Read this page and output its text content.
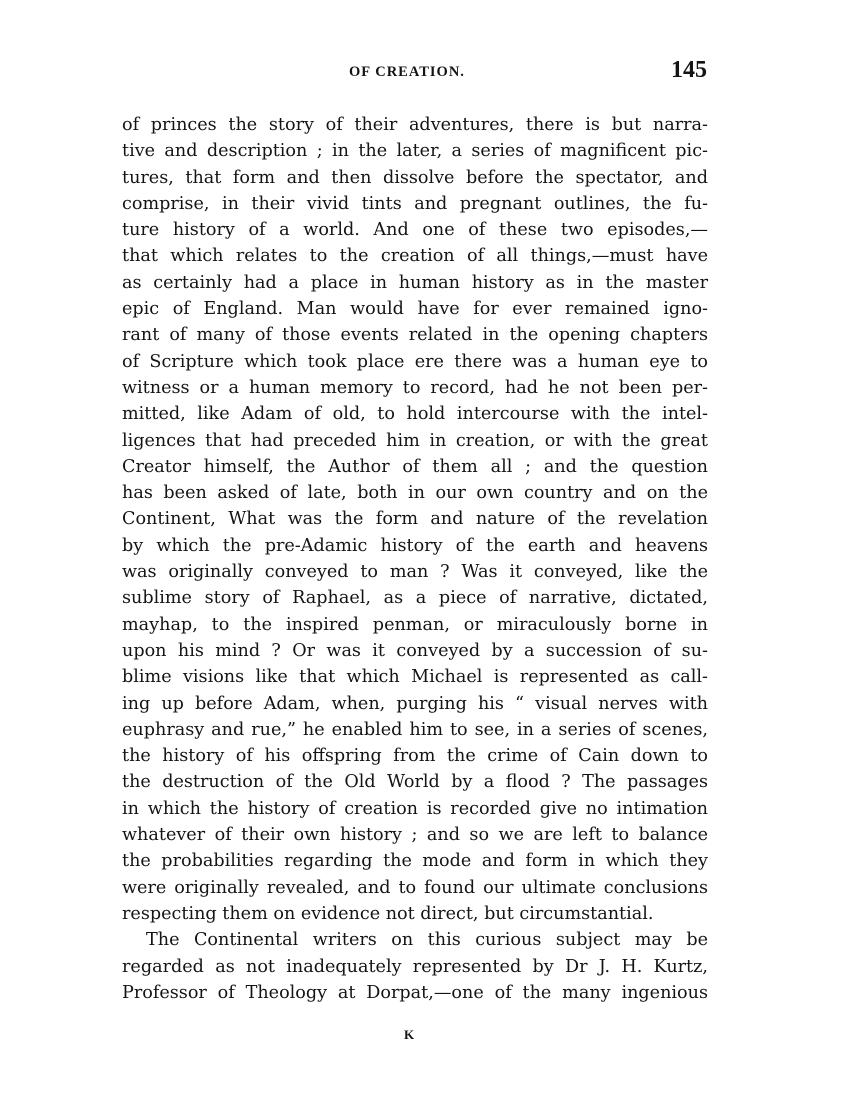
OF CREATION.	145
of princes the story of their adventures, there is but narra-
tive and description ; in the later, a series of magnificent pic-
tures, that form and then dissolve before the spectator, and
comprise, in their vivid tints and pregnant outlines, the fu-
ture history of a world. And one of these two episodes,—
that which relates to the creation of all things,—must have
as certainly had a place in human history as in the master
epic of England. Man would have for ever remained igno-
rant of many of those events related in the opening chapters
of Scripture which took place ere there was a human eye to
witness or a human memory to record, had he not been per-
mitted, like Adam of old, to hold intercourse with the intel-
ligences that had preceded him in creation, or with the great
Creator himself, the Author of them all ; and the question
has been asked of late, both in our own country and on the
Continent, What was the form and nature of the revelation
by which the pre-Adamic history of the earth and heavens
was originally conveyed to man ? Was it conveyed, like the
sublime story of Raphael, as a piece of narrative, dictated,
mayhap, to the inspired penman, or miraculously borne in
upon his mind ? Or was it conveyed by a succession of su-
blime visions like that which Michael is represented as call-
ing up before Adam, when, purging his “ visual nerves with
euphrasy and rue,” he enabled him to see, in a series of scenes,
the history of his offspring from the crime of Cain down to
the destruction of the Old World by a flood ? The passages
in which the history of creation is recorded give no intimation
whatever of their own history ; and so we are left to balance
the probabilities regarding the mode and form in which they
were originally revealed, and to found our ultimate conclusions
respecting them on evidence not direct, but circumstantial.
The Continental writers on this curious subject may be
regarded as not inadequately represented by Dr J. H. Kurtz,
Professor of Theology at Dorpat,—one of the many ingenious
K
